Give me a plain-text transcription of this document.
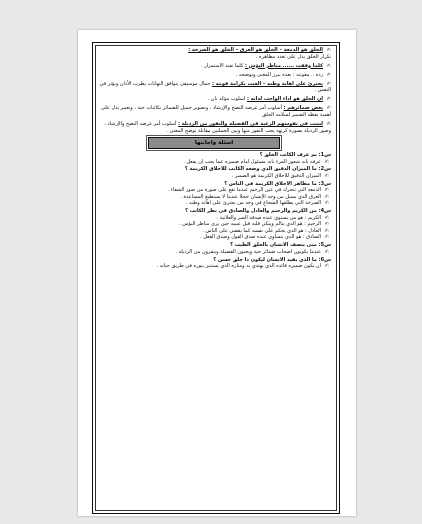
✍الخلق هو الدمعة – الخلق هو العرق – الخلق هو الصرخة :
تكرار الخلق يدل على تعدد مظاهره .
✍كلما وقفت ...... مناظر البؤس : كلما تفيد الاستمرار .
✍رده .. معونته : بعده يبرز المعنى ويوضحه .
✍يجترئ على اهانة وطنه – العبث بكرامة قومه : جمال موسيقى يتوافق النهايات يطرب الأذان ويؤثر في النفس .
✍أن الخلق هو أداء الواجب لذاته : أسلوب مؤكد بأن .
✍يعض ضمائرهم : أسلوب أمر غرضه النصح والإرشاد ، وتصوير جميل للضمائر بكائنات حية ، وتعبير يدل على أهمية يقظة الضمير لسلامة الخلق
✍ليثبت في نفوسهم الرغبة في الفضيلة والنفور من الرذيلة : أسلوب أمر غرضه النصح والإرشاد ، وصور الرذيلة بصورة كريهة يجب النفور منها وبين الجملتين مقابلة توضح المعنى .
اسئلة واجابتها
س1: بم عرف الكاتب الخلق ؟
✍عرفه بأنه شعور المرء بأنه مسئول أمام ضميره عما يجب أن يفعل .
س2: ما الميزان الدقيق الذي وضعه الكاتب للأخلاق الكريمة ؟
✍الميزان الدقيق للأخلاق الكريمة هو الضمير .
س3: ما مظاهر الأخلاق الكريمة في الناس ؟
✍الدمعة التي تتحرك في عين الرحيم عندما تقع على صورة من صور الشقاء .
✍العرق الذي يسيل من وجه الإنسان خجلا عندما لا يستطيع المساعدة .
✍الصرخة التي يطلقها الشجاع في وجه من يجترئ على اهانة وطنه .
س4: من الكريم والرحيم والعادل والصادق في نظر الكاتب ؟
✍الكريم : هو من يستوي عنده صدقة السر والعلانية .
✍الرحيم : هو الذي يتألم ويبكي قلبه قبل عينيه حين يرى مناظر البؤس .
✍العادل : هو الذي يحكم على نفسه كما يقضي على الناس .
✍الصادق : هو الذي يتساوى عنده صدق القول وصدق الفعل .
س5: متى يتصف الانسان بالخلق الطيب ؟
✍عندما يكونون أصحاب ضمائر حية ويحبون الفضيلة وينفرون من الرذيلة .
س6: ما الذي يفيد الانسان ليكون ذا خلق حسن ؟
✍أن يكون ضميره قائده الذي يهتدي به ومناره الذي يستنير بنوره في طريق حياته .
